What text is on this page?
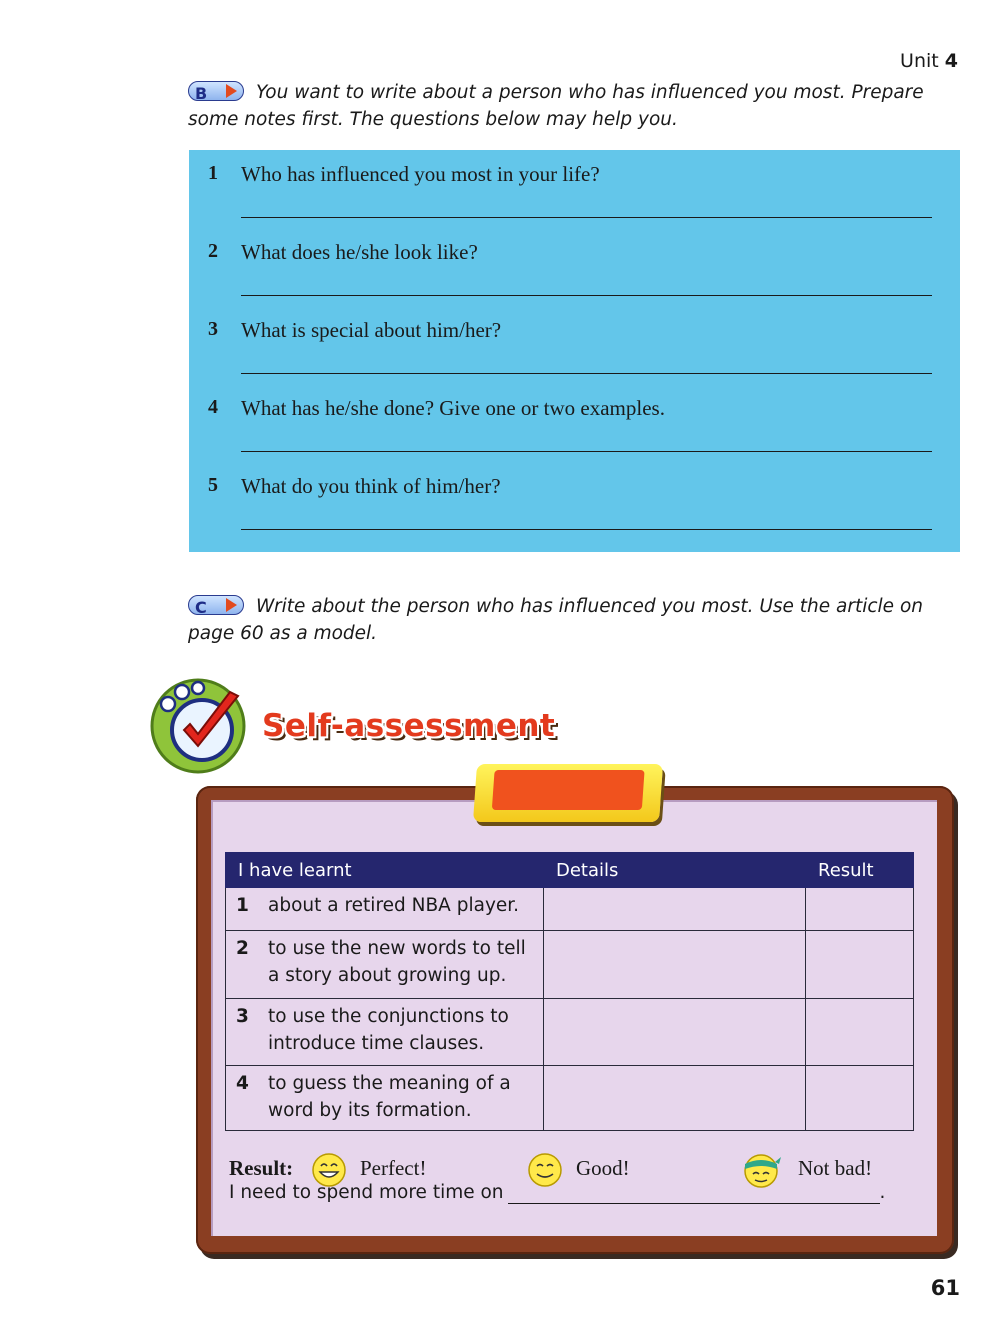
Unit 4
B	You want to write about a person who has influenced you most. Prepare some notes first. The questions below may help you.
1 Who has influenced you most in your life?
2 What does he/she look like?
3 What is special about him/her?
4 What has he/she done? Give one or two examples.
5 What do you think of him/her?
C	Write about the person who has influenced you most. Use the article on page 60 as a model.
Self-assessment
I have learnt	Details	Result
1 about a retired NBA player.		
2 to use the new words to tell a story about growing up.		
3 to use the conjunctions to introduce time clauses.		
4 to guess the meaning of a word by its formation.		
Result:	Perfect!	Good!	Not bad!
I need to spend more time on	.
61
